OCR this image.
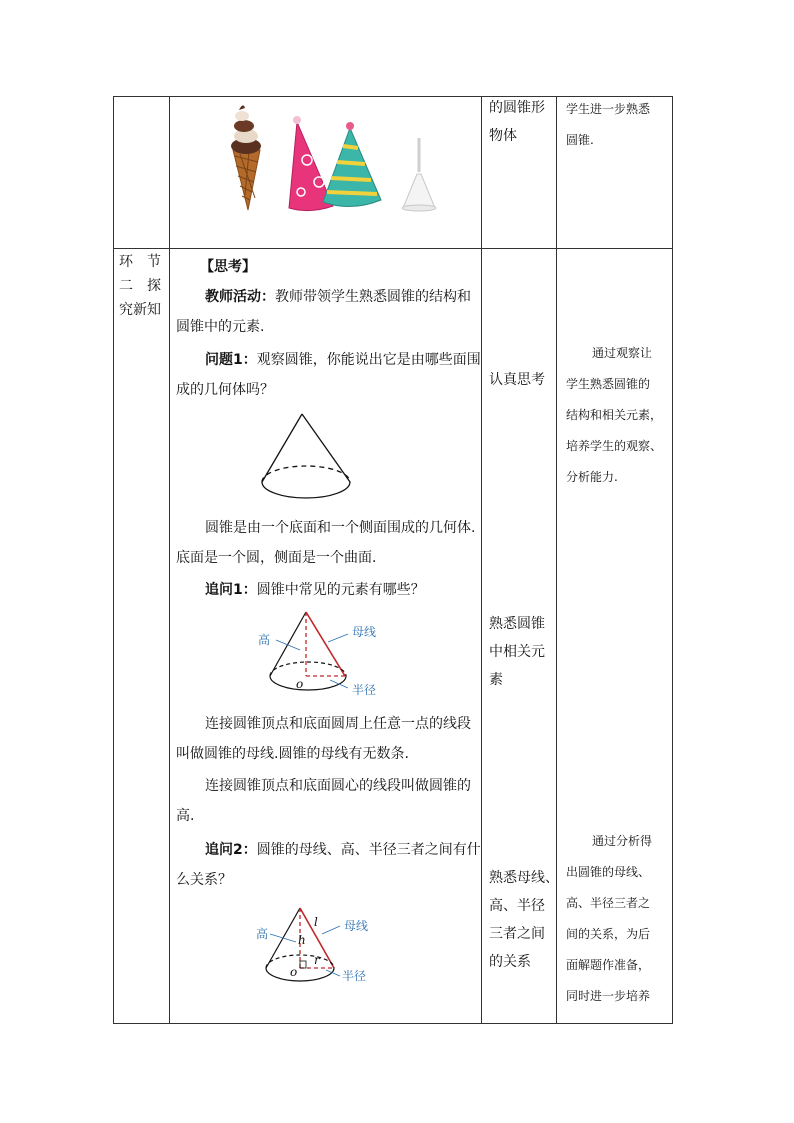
的圆锥形
物体
学生进一步熟悉
圆锥.
环　节
二　探
究新知
【思考】
教师活动：教师带领学生熟悉圆锥的结构和
圆锥中的元素.
问题1：观察圆锥，你能说出它是由哪些面围
成的几何体吗？
圆锥是由一个底面和一个侧面围成的几何体.
底面是一个圆，侧面是一个曲面.
追问1：圆锥中常见的元素有哪些？
高
母线
半径
o
连接圆锥顶点和底面圆周上任意一点的线段
叫做圆锥的母线.圆锥的母线有无数条.
连接圆锥顶点和底面圆心的线段叫做圆锥的
高.
追问2：圆锥的母线、高、半径三者之间有什
么关系？
高
母线
半径
h
l
r
o
认真思考
熟悉圆锥
中相关元
素
熟悉母线、
高、半径
三者之间
的关系
通过观察让
学生熟悉圆锥的
结构和相关元素，
培养学生的观察、
分析能力.
通过分析得
出圆锥的母线、
高、半径三者之
间的关系，为后
面解题作准备，
同时进一步培养
